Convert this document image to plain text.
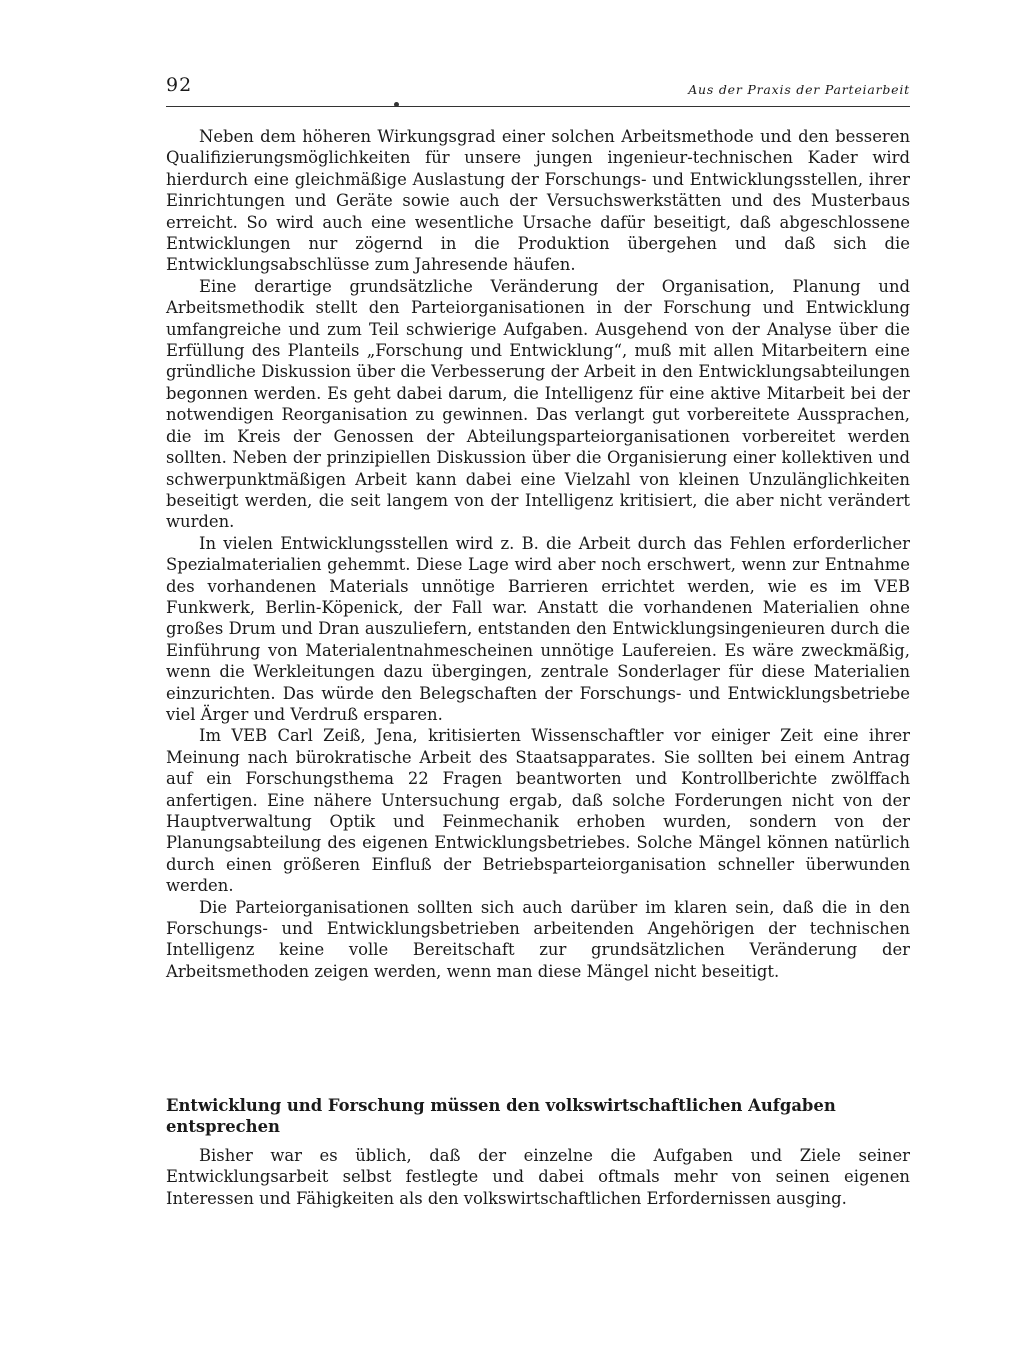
92	Aus der Praxis der Parteiarbeit

Neben dem höheren Wirkungsgrad einer solchen Arbeitsmethode und den besseren Qualifizierungsmöglichkeiten für unsere jungen ingenieur-technischen Kader wird hierdurch eine gleichmäßige Auslastung der Forschungs- und Entwicklungsstellen, ihrer Einrichtungen und Geräte sowie auch der Versuchswerkstätten und des Musterbaus erreicht. So wird auch eine wesentliche Ursache dafür beseitigt, daß abgeschlossene Entwicklungen nur zögernd in die Produktion übergehen und daß sich die Entwicklungsabschlüsse zum Jahresende häufen.

Eine derartige grundsätzliche Veränderung der Organisation, Planung und Arbeitsmethodik stellt den Parteiorganisationen in der Forschung und Entwicklung umfangreiche und zum Teil schwierige Aufgaben. Ausgehend von der Analyse über die Erfüllung des Planteils „Forschung und Entwicklung“, muß mit allen Mitarbeitern eine gründliche Diskussion über die Verbesserung der Arbeit in den Entwicklungsabteilungen begonnen werden. Es geht dabei darum, die Intelligenz für eine aktive Mitarbeit bei der notwendigen Reorganisation zu gewinnen. Das verlangt gut vorbereitete Aussprachen, die im Kreis der Genossen der Abteilungsparteiorganisationen vorbereitet werden sollten. Neben der prinzipiellen Diskussion über die Organisierung einer kollektiven und schwerpunktmäßigen Arbeit kann dabei eine Vielzahl von kleinen Unzulänglichkeiten beseitigt werden, die seit langem von der Intelligenz kritisiert, die aber nicht verändert wurden.

In vielen Entwicklungsstellen wird z. B. die Arbeit durch das Fehlen erforderlicher Spezialmaterialien gehemmt. Diese Lage wird aber noch erschwert, wenn zur Entnahme des vorhandenen Materials unnötige Barrieren errichtet werden, wie es im VEB Funkwerk, Berlin-Köpenick, der Fall war. Anstatt die vorhandenen Materialien ohne großes Drum und Dran auszuliefern, entstanden den Entwicklungsingenieuren durch die Einführung von Materialentnahmescheinen unnötige Laufereien. Es wäre zweckmäßig, wenn die Werkleitungen dazu übergingen, zentrale Sonderlager für diese Materialien einzurichten. Das würde den Belegschaften der Forschungs- und Entwicklungsbetriebe viel Ärger und Verdruß ersparen.

Im VEB Carl Zeiß, Jena, kritisierten Wissenschaftler vor einiger Zeit eine ihrer Meinung nach bürokratische Arbeit des Staatsapparates. Sie sollten bei einem Antrag auf ein Forschungsthema 22 Fragen beantworten und Kontrollberichte zwölffach anfertigen. Eine nähere Untersuchung ergab, daß solche Forderungen nicht von der Hauptverwaltung Optik und Feinmechanik erhoben wurden, sondern von der Planungsabteilung des eigenen Entwicklungsbetriebes. Solche Mängel können natürlich durch einen größeren Einfluß der Betriebsparteiorganisation schneller überwunden werden.

Die Parteiorganisationen sollten sich auch darüber im klaren sein, daß die in den Forschungs- und Entwicklungsbetrieben arbeitenden Angehörigen der technischen Intelligenz keine volle Bereitschaft zur grundsätzlichen Veränderung der Arbeitsmethoden zeigen werden, wenn man diese Mängel nicht beseitigt.

Entwicklung und Forschung müssen den volkswirtschaftlichen Aufgaben entsprechen

Bisher war es üblich, daß der einzelne die Aufgaben und Ziele seiner Entwicklungsarbeit selbst festlegte und dabei oftmals mehr von seinen eigenen Interessen und Fähigkeiten als den volkswirtschaftlichen Erfordernissen ausging.
